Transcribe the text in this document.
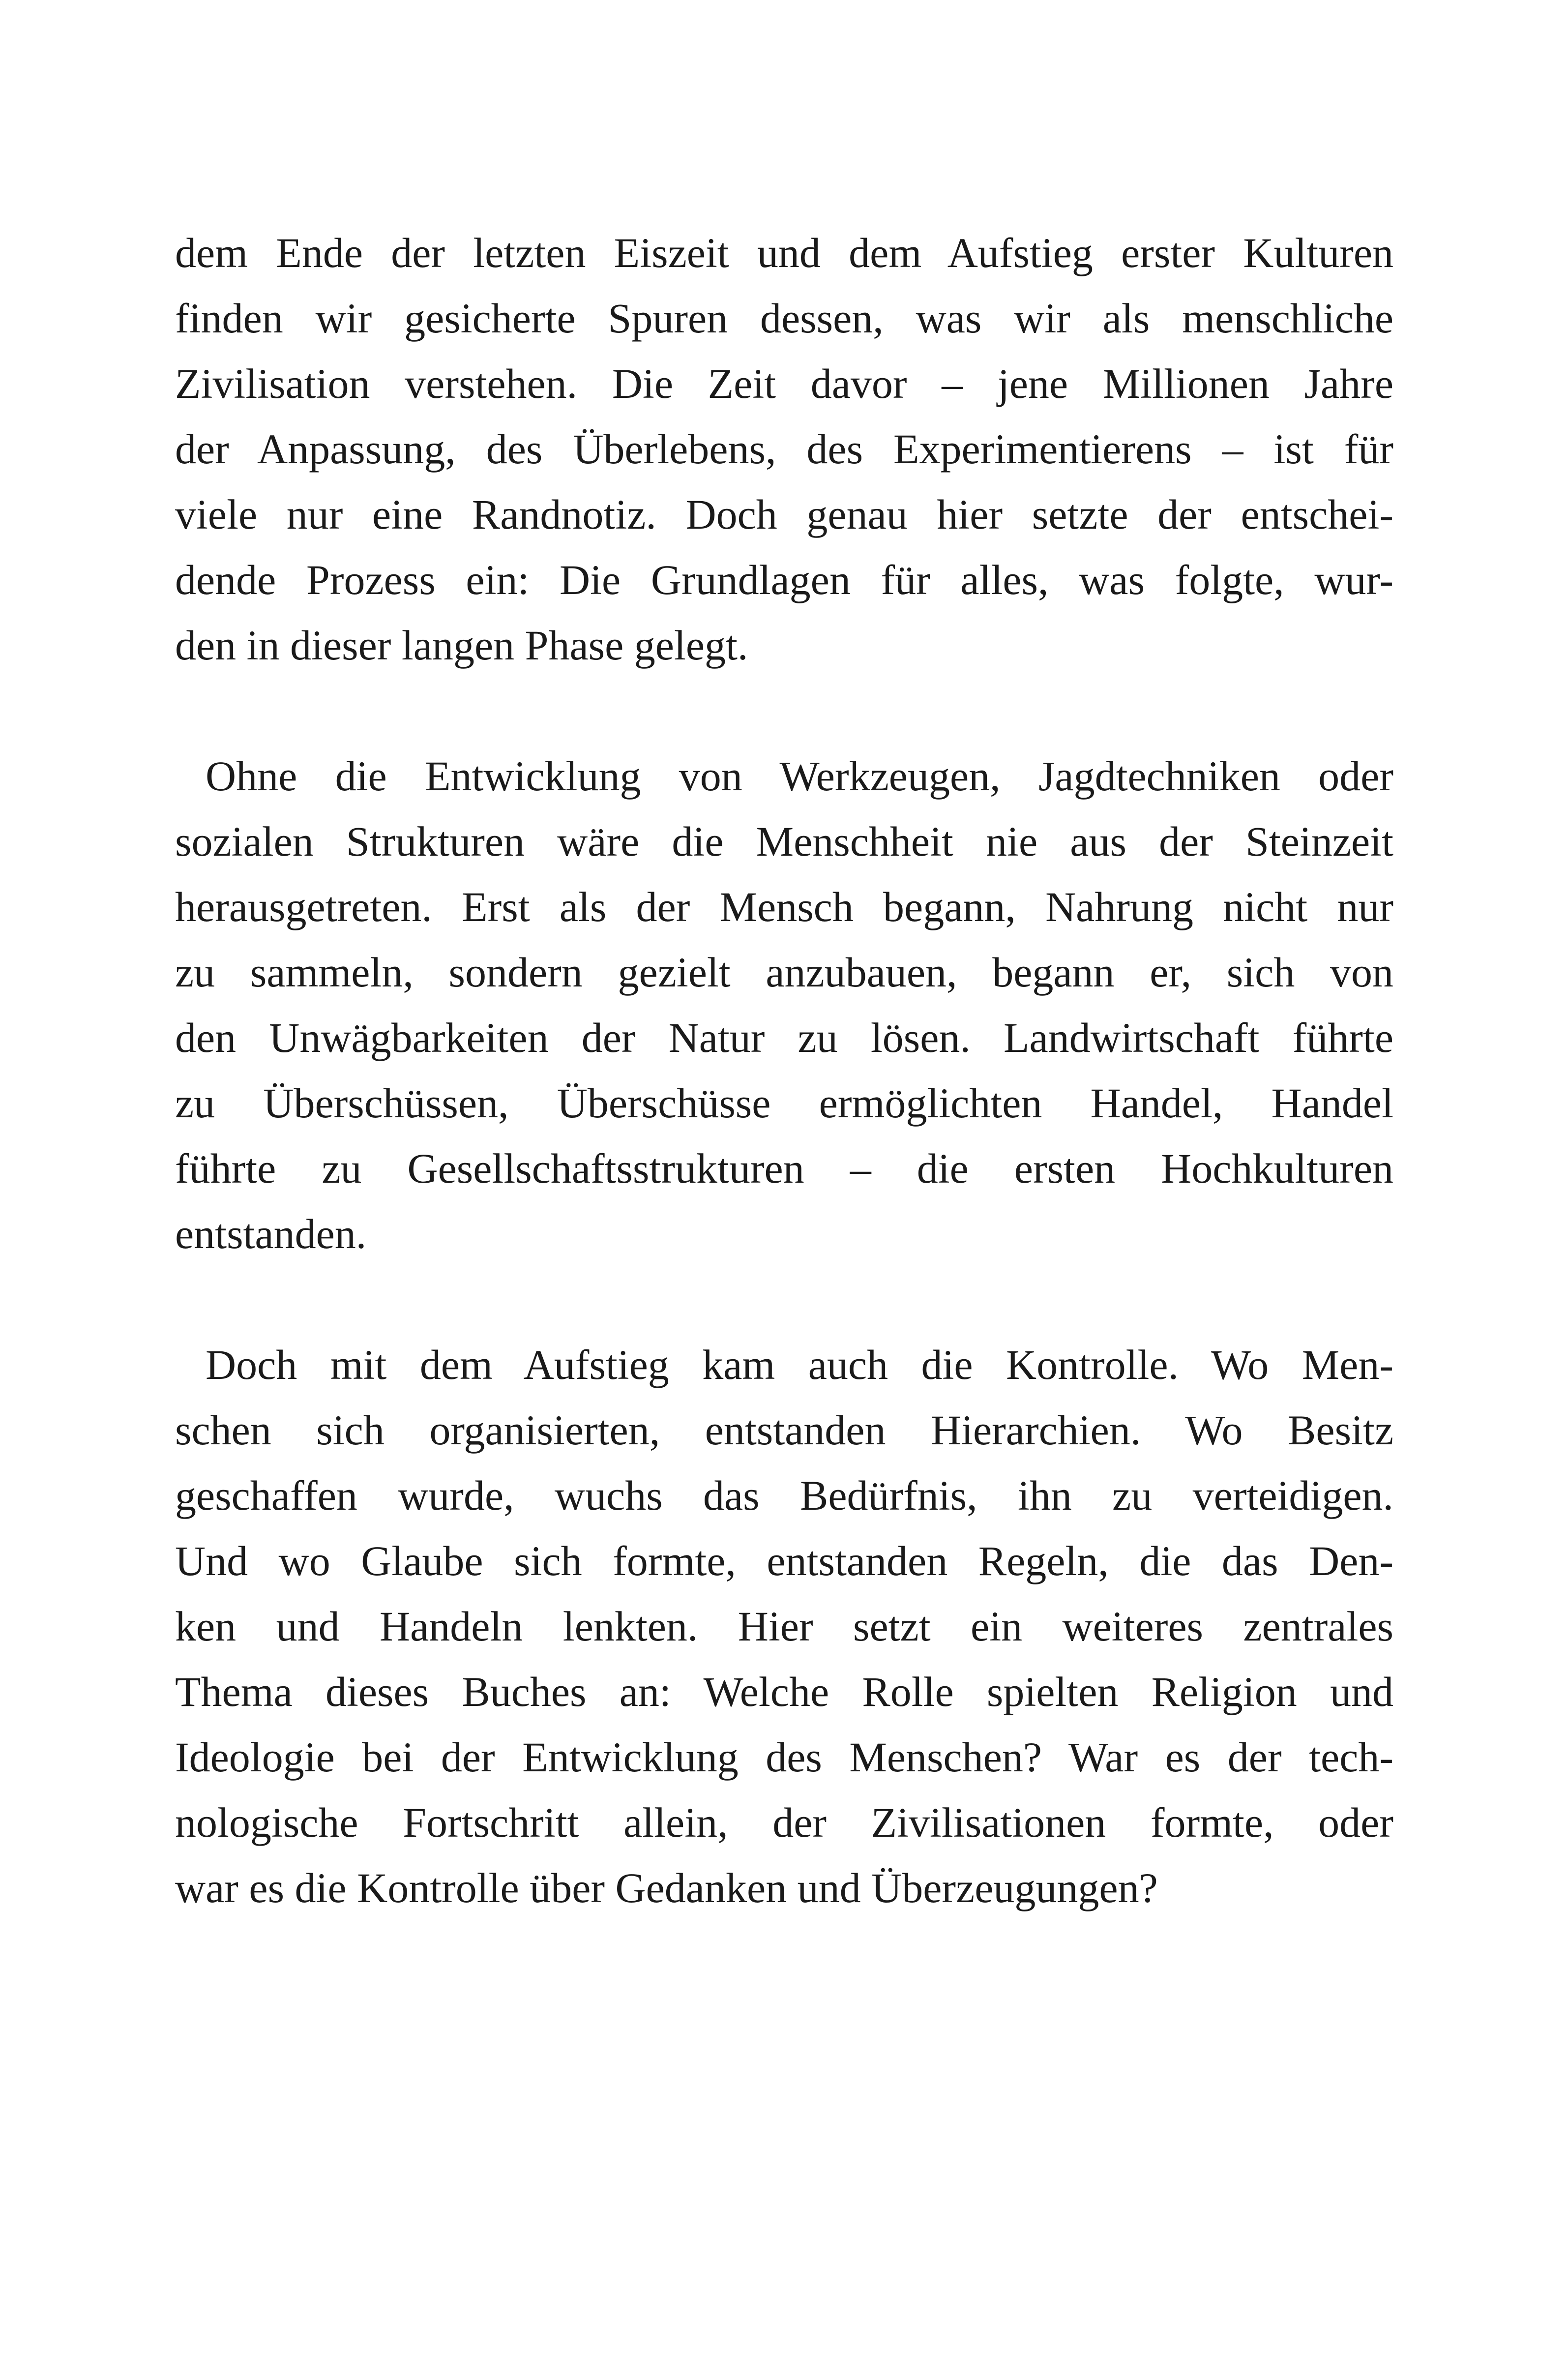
dem Ende der letzten Eiszeit und dem Aufstieg erster Kulturen
finden wir gesicherte Spuren dessen, was wir als menschliche
Zivilisation verstehen. Die Zeit davor – jene Millionen Jahre
der Anpassung, des Überlebens, des Experimentierens – ist für
viele nur eine Randnotiz. Doch genau hier setzte der entschei-
dende Prozess ein: Die Grundlagen für alles, was folgte, wur-
den in dieser langen Phase gelegt.

Ohne die Entwicklung von Werkzeugen, Jagdtechniken oder
sozialen Strukturen wäre die Menschheit nie aus der Steinzeit
herausgetreten. Erst als der Mensch begann, Nahrung nicht nur
zu sammeln, sondern gezielt anzubauen, begann er, sich von
den Unwägbarkeiten der Natur zu lösen. Landwirtschaft führte
zu Überschüssen, Überschüsse ermöglichten Handel, Handel
führte zu Gesellschaftsstrukturen – die ersten Hochkulturen
entstanden.

Doch mit dem Aufstieg kam auch die Kontrolle. Wo Men-
schen sich organisierten, entstanden Hierarchien. Wo Besitz
geschaffen wurde, wuchs das Bedürfnis, ihn zu verteidigen.
Und wo Glaube sich formte, entstanden Regeln, die das Den-
ken und Handeln lenkten. Hier setzt ein weiteres zentrales
Thema dieses Buches an: Welche Rolle spielten Religion und
Ideologie bei der Entwicklung des Menschen? War es der tech-
nologische Fortschritt allein, der Zivilisationen formte, oder
war es die Kontrolle über Gedanken und Überzeugungen?
